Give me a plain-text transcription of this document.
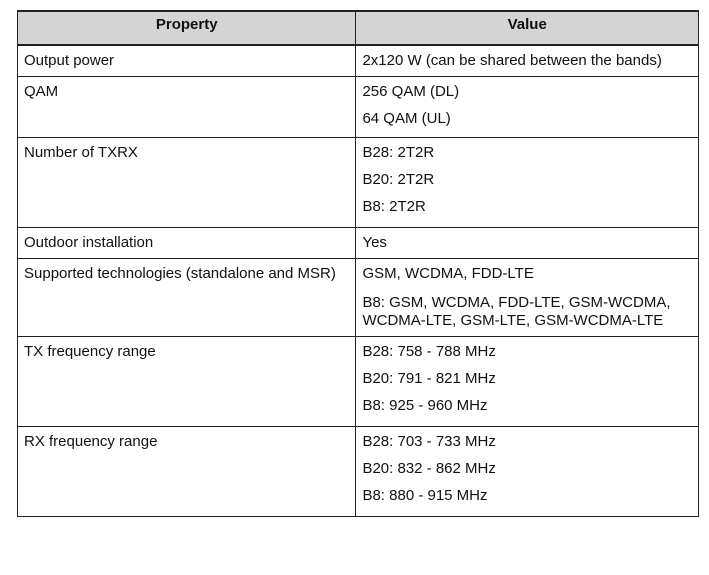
Property	Value
Output power	2x120 W (can be shared between the bands)

QAM	256 QAM (DL)
64 QAM (UL)

Number of TXRX	B28: 2T2R
B20: 2T2R
B8: 2T2R

Outdoor installation	Yes

Supported technologies (standalone and MSR)	GSM, WCDMA, FDD-LTE
B8: GSM, WCDMA, FDD-LTE, GSM-WCDMA, WCDMA-LTE, GSM-LTE, GSM-WCDMA-LTE

TX frequency range	B28: 758 - 788 MHz
B20: 791 - 821 MHz
B8: 925 - 960 MHz

RX frequency range	B28: 703 - 733 MHz
B20: 832 - 862 MHz
B8: 880 - 915 MHz
